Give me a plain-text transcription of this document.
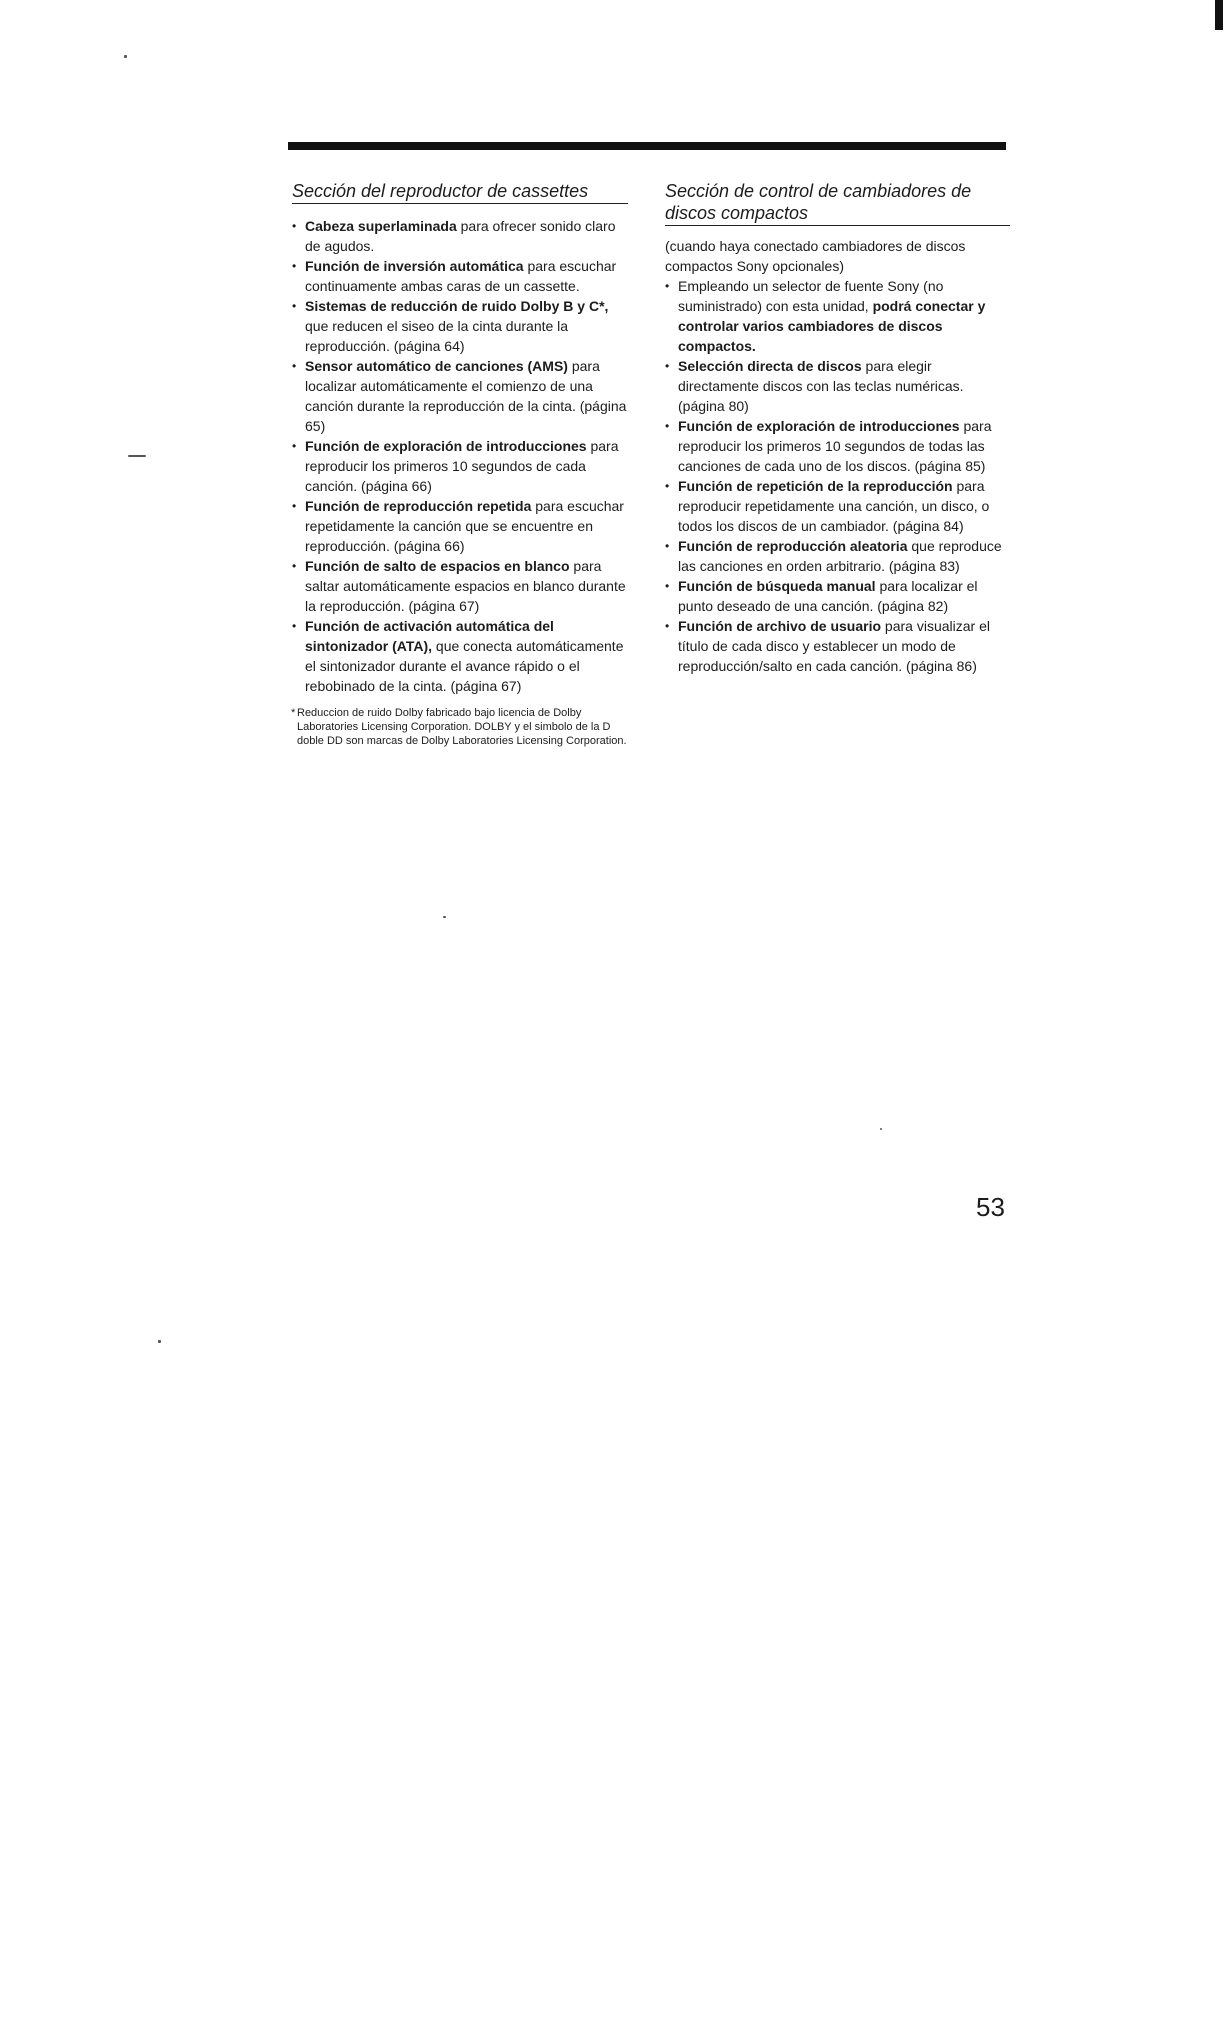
Sección del reproductor de cassettes

• Cabeza superlaminada para ofrecer sonido claro de agudos.
• Función de inversión automática para escuchar continuamente ambas caras de un cassette.
• Sistemas de reducción de ruido Dolby B y C*, que reducen el siseo de la cinta durante la reproducción. (página 64)
• Sensor automático de canciones (AMS) para localizar automáticamente el comienzo de una canción durante la reproducción de la cinta. (página 65)
• Función de exploración de introducciones para reproducir los primeros 10 segundos de cada canción. (página 66)
• Función de reproducción repetida para escuchar repetidamente la canción que se encuentre en reproducción. (página 66)
• Función de salto de espacios en blanco para saltar automáticamente espacios en blanco durante la reproducción. (página 67)
• Función de activación automática del sintonizador (ATA), que conecta automáticamente el sintonizador durante el avance rápido o el rebobinado de la cinta. (página 67)
* Reduccion de ruido Dolby fabricado bajo licencia de Dolby Laboratories Licensing Corporation. DOLBY y el simbolo de la D doble DD son marcas de Dolby Laboratories Licensing Corporation.

Sección de control de cambiadores de discos compactos

(cuando haya conectado cambiadores de discos compactos Sony opcionales)

• Empleando un selector de fuente Sony (no suministrado) con esta unidad, podrá conectar y controlar varios cambiadores de discos compactos.
• Selección directa de discos para elegir directamente discos con las teclas numéricas. (página 80)
• Función de exploración de introducciones para reproducir los primeros 10 segundos de todas las canciones de cada uno de los discos. (página 85)
• Función de repetición de la reproducción para reproducir repetidamente una canción, un disco, o todos los discos de un cambiador. (página 84)
• Función de reproducción aleatoria que reproduce las canciones en orden arbitrario. (página 83)
• Función de búsqueda manual para localizar el punto deseado de una canción. (página 82)
• Función de archivo de usuario para visualizar el título de cada disco y establecer un modo de reproducción/salto en cada canción. (página 86)
53
